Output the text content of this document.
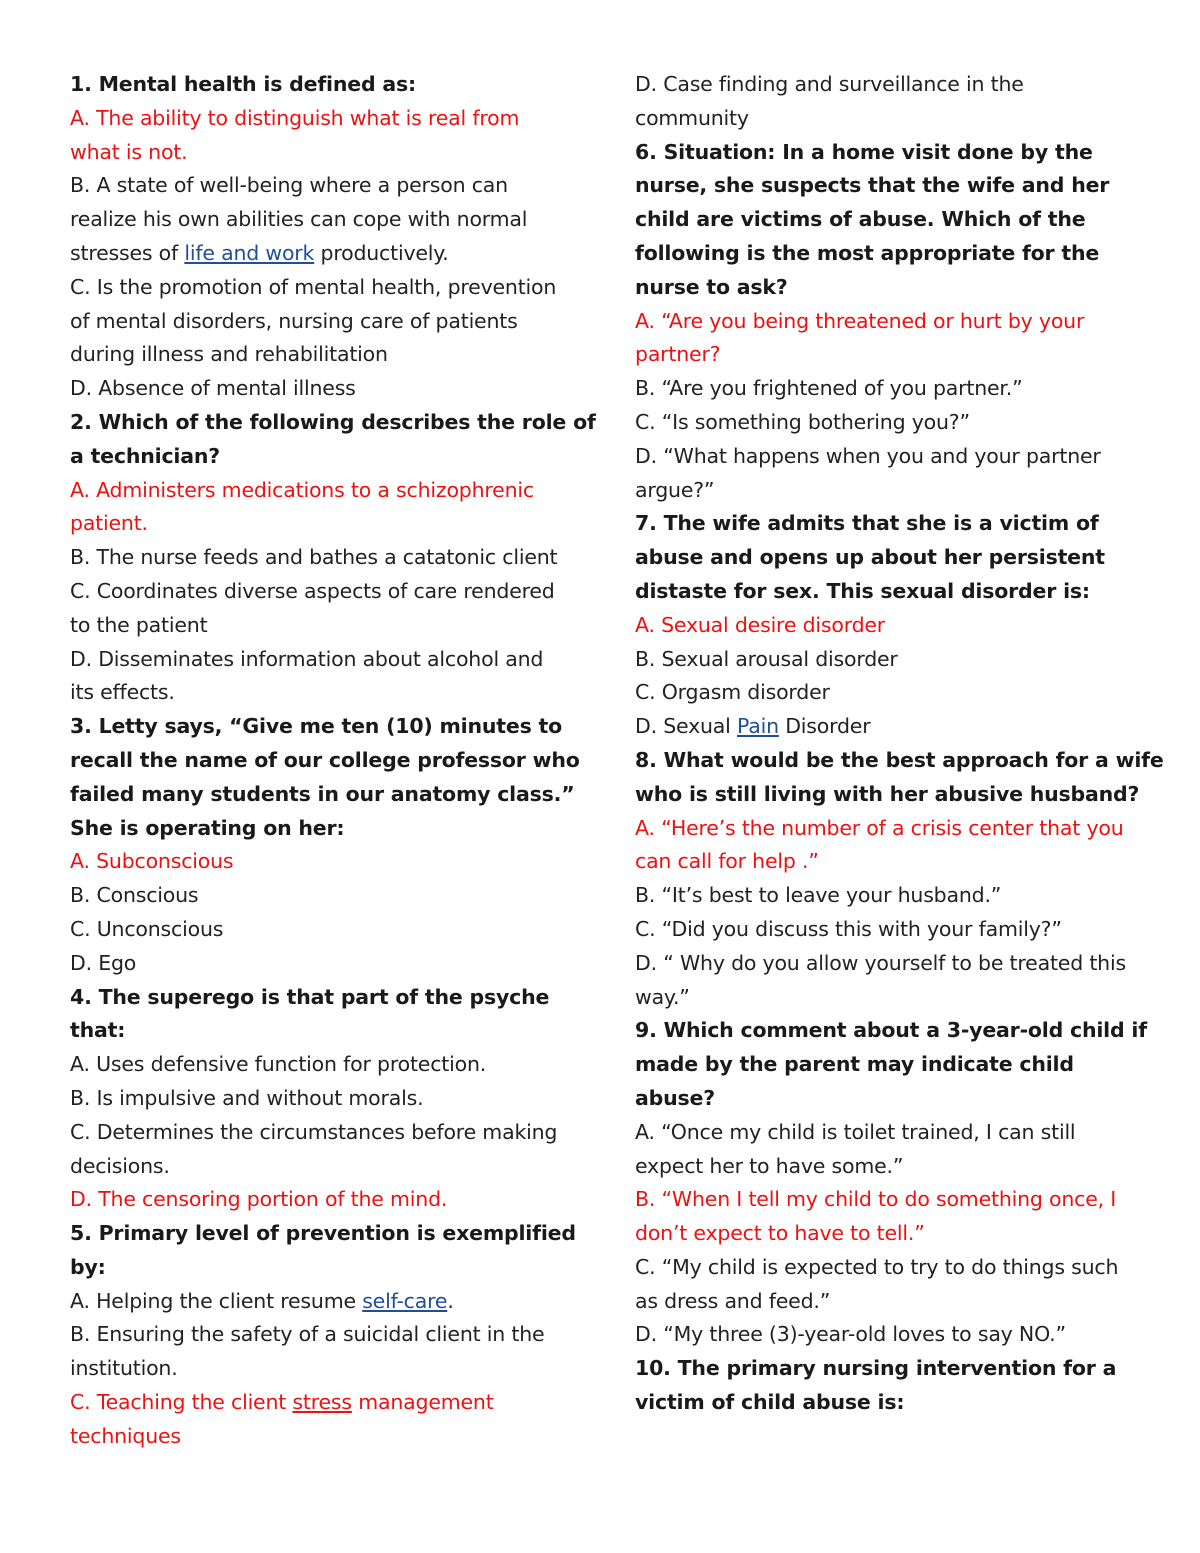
1. Mental health is defined as:
A. The ability to distinguish what is real from
what is not.
B. A state of well-being where a person can
realize his own abilities can cope with normal
stresses of life and work productively.
C. Is the promotion of mental health, prevention
of mental disorders, nursing care of patients
during illness and rehabilitation
D. Absence of mental illness
2. Which of the following describes the role of
a technician?
A. Administers medications to a schizophrenic
patient.
B. The nurse feeds and bathes a catatonic client
C. Coordinates diverse aspects of care rendered
to the patient
D. Disseminates information about alcohol and
its effects.
3. Letty says, “Give me ten (10) minutes to
recall the name of our college professor who
failed many students in our anatomy class.”
She is operating on her:
A. Subconscious
B. Conscious
C. Unconscious
D. Ego
4. The superego is that part of the psyche
that:
A. Uses defensive function for protection.
B. Is impulsive and without morals.
C. Determines the circumstances before making
decisions.
D. The censoring portion of the mind.
5. Primary level of prevention is exemplified
by:
A. Helping the client resume self-care.
B. Ensuring the safety of a suicidal client in the
institution.
C. Teaching the client stress management
techniques
D. Case finding and surveillance in the
community
6. Situation: In a home visit done by the
nurse, she suspects that the wife and her
child are victims of abuse. Which of the
following is the most appropriate for the
nurse to ask?
A. “Are you being threatened or hurt by your
partner?
B. “Are you frightened of you partner.”
C. “Is something bothering you?”
D. “What happens when you and your partner
argue?”
7. The wife admits that she is a victim of
abuse and opens up about her persistent
distaste for sex. This sexual disorder is:
A. Sexual desire disorder
B. Sexual arousal disorder
C. Orgasm disorder
D. Sexual Pain Disorder
8. What would be the best approach for a wife
who is still living with her abusive husband?
A. “Here’s the number of a crisis center that you
can call for help .”
B. “It’s best to leave your husband.”
C. “Did you discuss this with your family?”
D. “ Why do you allow yourself to be treated this
way.”
9. Which comment about a 3-year-old child if
made by the parent may indicate child
abuse?
A. “Once my child is toilet trained, I can still
expect her to have some.”
B. “When I tell my child to do something once, I
don’t expect to have to tell.”
C. “My child is expected to try to do things such
as dress and feed.”
D. “My three (3)-year-old loves to say NO.”
10. The primary nursing intervention for a
victim of child abuse is:
